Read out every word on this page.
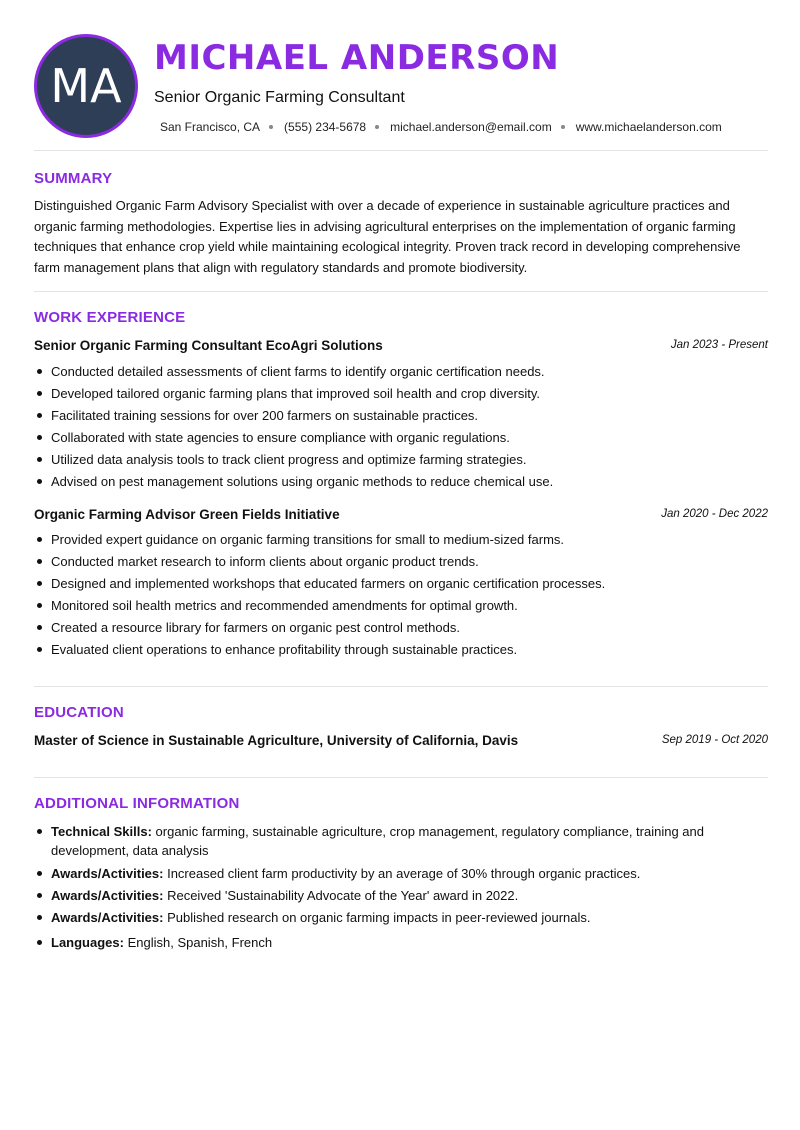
MA
MICHAEL ANDERSON
Senior Organic Farming Consultant
San Francisco, CA (555) 234-5678 michael.anderson@email.com www.michaelanderson.com
SUMMARY
Distinguished Organic Farm Advisory Specialist with over a decade of experience in sustainable agriculture practices and organic farming methodologies. Expertise lies in advising agricultural enterprises on the implementation of organic farming techniques that enhance crop yield while maintaining ecological integrity. Proven track record in developing comprehensive farm management plans that align with regulatory standards and promote biodiversity.
WORK EXPERIENCE
Senior Organic Farming Consultant EcoAgri Solutions	Jan 2023 - Present
Conducted detailed assessments of client farms to identify organic certification needs.
Developed tailored organic farming plans that improved soil health and crop diversity.
Facilitated training sessions for over 200 farmers on sustainable practices.
Collaborated with state agencies to ensure compliance with organic regulations.
Utilized data analysis tools to track client progress and optimize farming strategies.
Advised on pest management solutions using organic methods to reduce chemical use.
Organic Farming Advisor Green Fields Initiative	Jan 2020 - Dec 2022
Provided expert guidance on organic farming transitions for small to medium-sized farms.
Conducted market research to inform clients about organic product trends.
Designed and implemented workshops that educated farmers on organic certification processes.
Monitored soil health metrics and recommended amendments for optimal growth.
Created a resource library for farmers on organic pest control methods.
Evaluated client operations to enhance profitability through sustainable practices.
EDUCATION
Master of Science in Sustainable Agriculture, University of California, Davis	Sep 2019 - Oct 2020
ADDITIONAL INFORMATION
Technical Skills: organic farming, sustainable agriculture, crop management, regulatory compliance, training and development, data analysis
Awards/Activities: Increased client farm productivity by an average of 30% through organic practices.
Awards/Activities: Received 'Sustainability Advocate of the Year' award in 2022.
Awards/Activities: Published research on organic farming impacts in peer-reviewed journals.
Languages: English, Spanish, French
